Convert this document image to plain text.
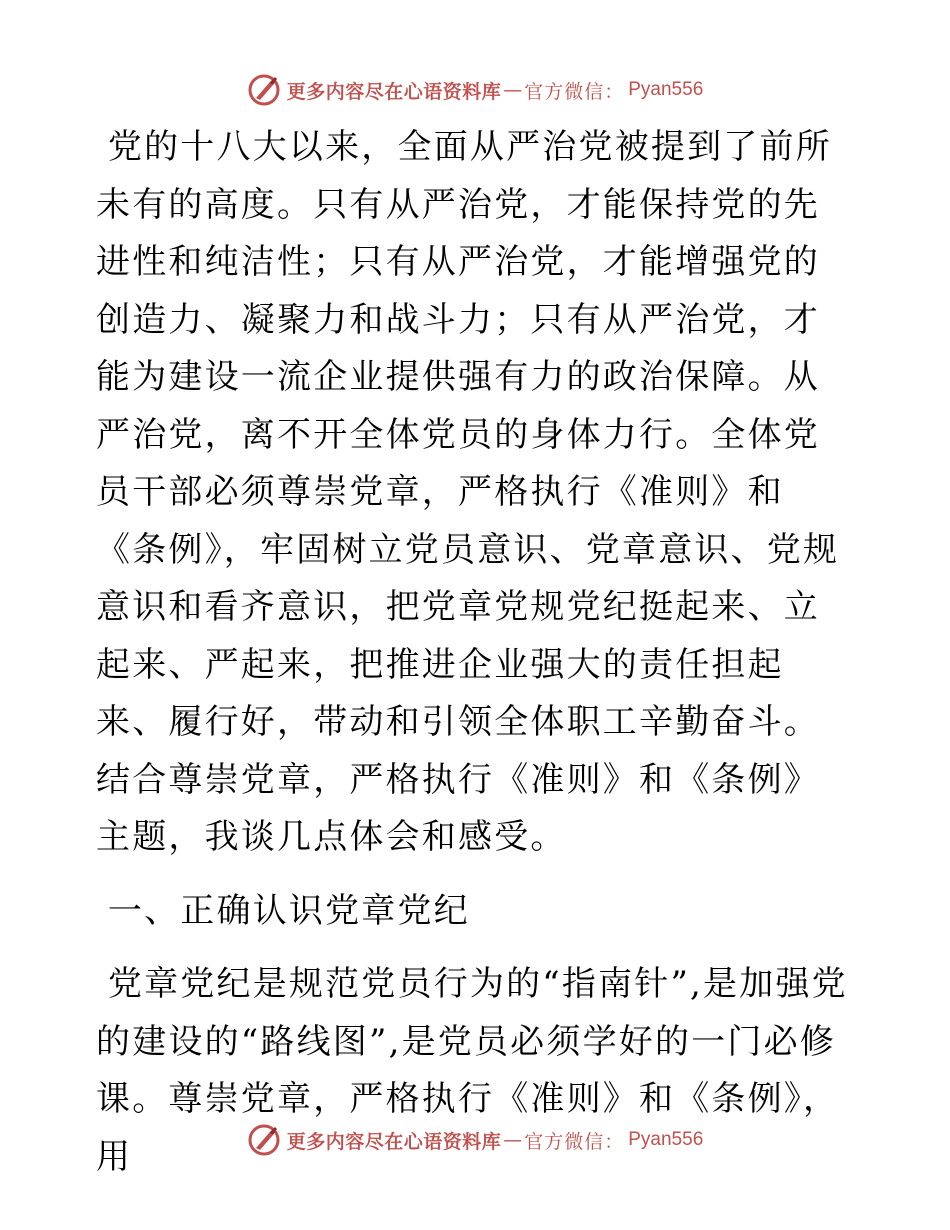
更多内容尽在心语资料库 — 官方微信： Pyan556

党的十八大以来，全面从严治党被提到了前所未有的高度。只有从严治党，才能保持党的先进性和纯洁性；只有从严治党，才能增强党的创造力、凝聚力和战斗力；只有从严治党，才能为建设一流企业提供强有力的政治保障。从严治党，离不开全体党员的身体力行。全体党员干部必须尊崇党章，严格执行《准则》和《条例》，牢固树立党员意识、党章意识、党规意识和看齐意识，把党章党规党纪挺起来、立起来、严起来，把推进企业强大的责任担起来、履行好，带动和引领全体职工辛勤奋斗。结合尊崇党章，严格执行《准则》和《条例》主题，我谈几点体会和感受。

一、正确认识党章党纪

党章党纪是规范党员行为的“指南针”,是加强党的建设的“路线图”,是党员必须学好的一门必修课。尊崇党章，严格执行《准则》和《条例》，用	更多内容尽在心语资料库 — 官方微信： Pyan556
